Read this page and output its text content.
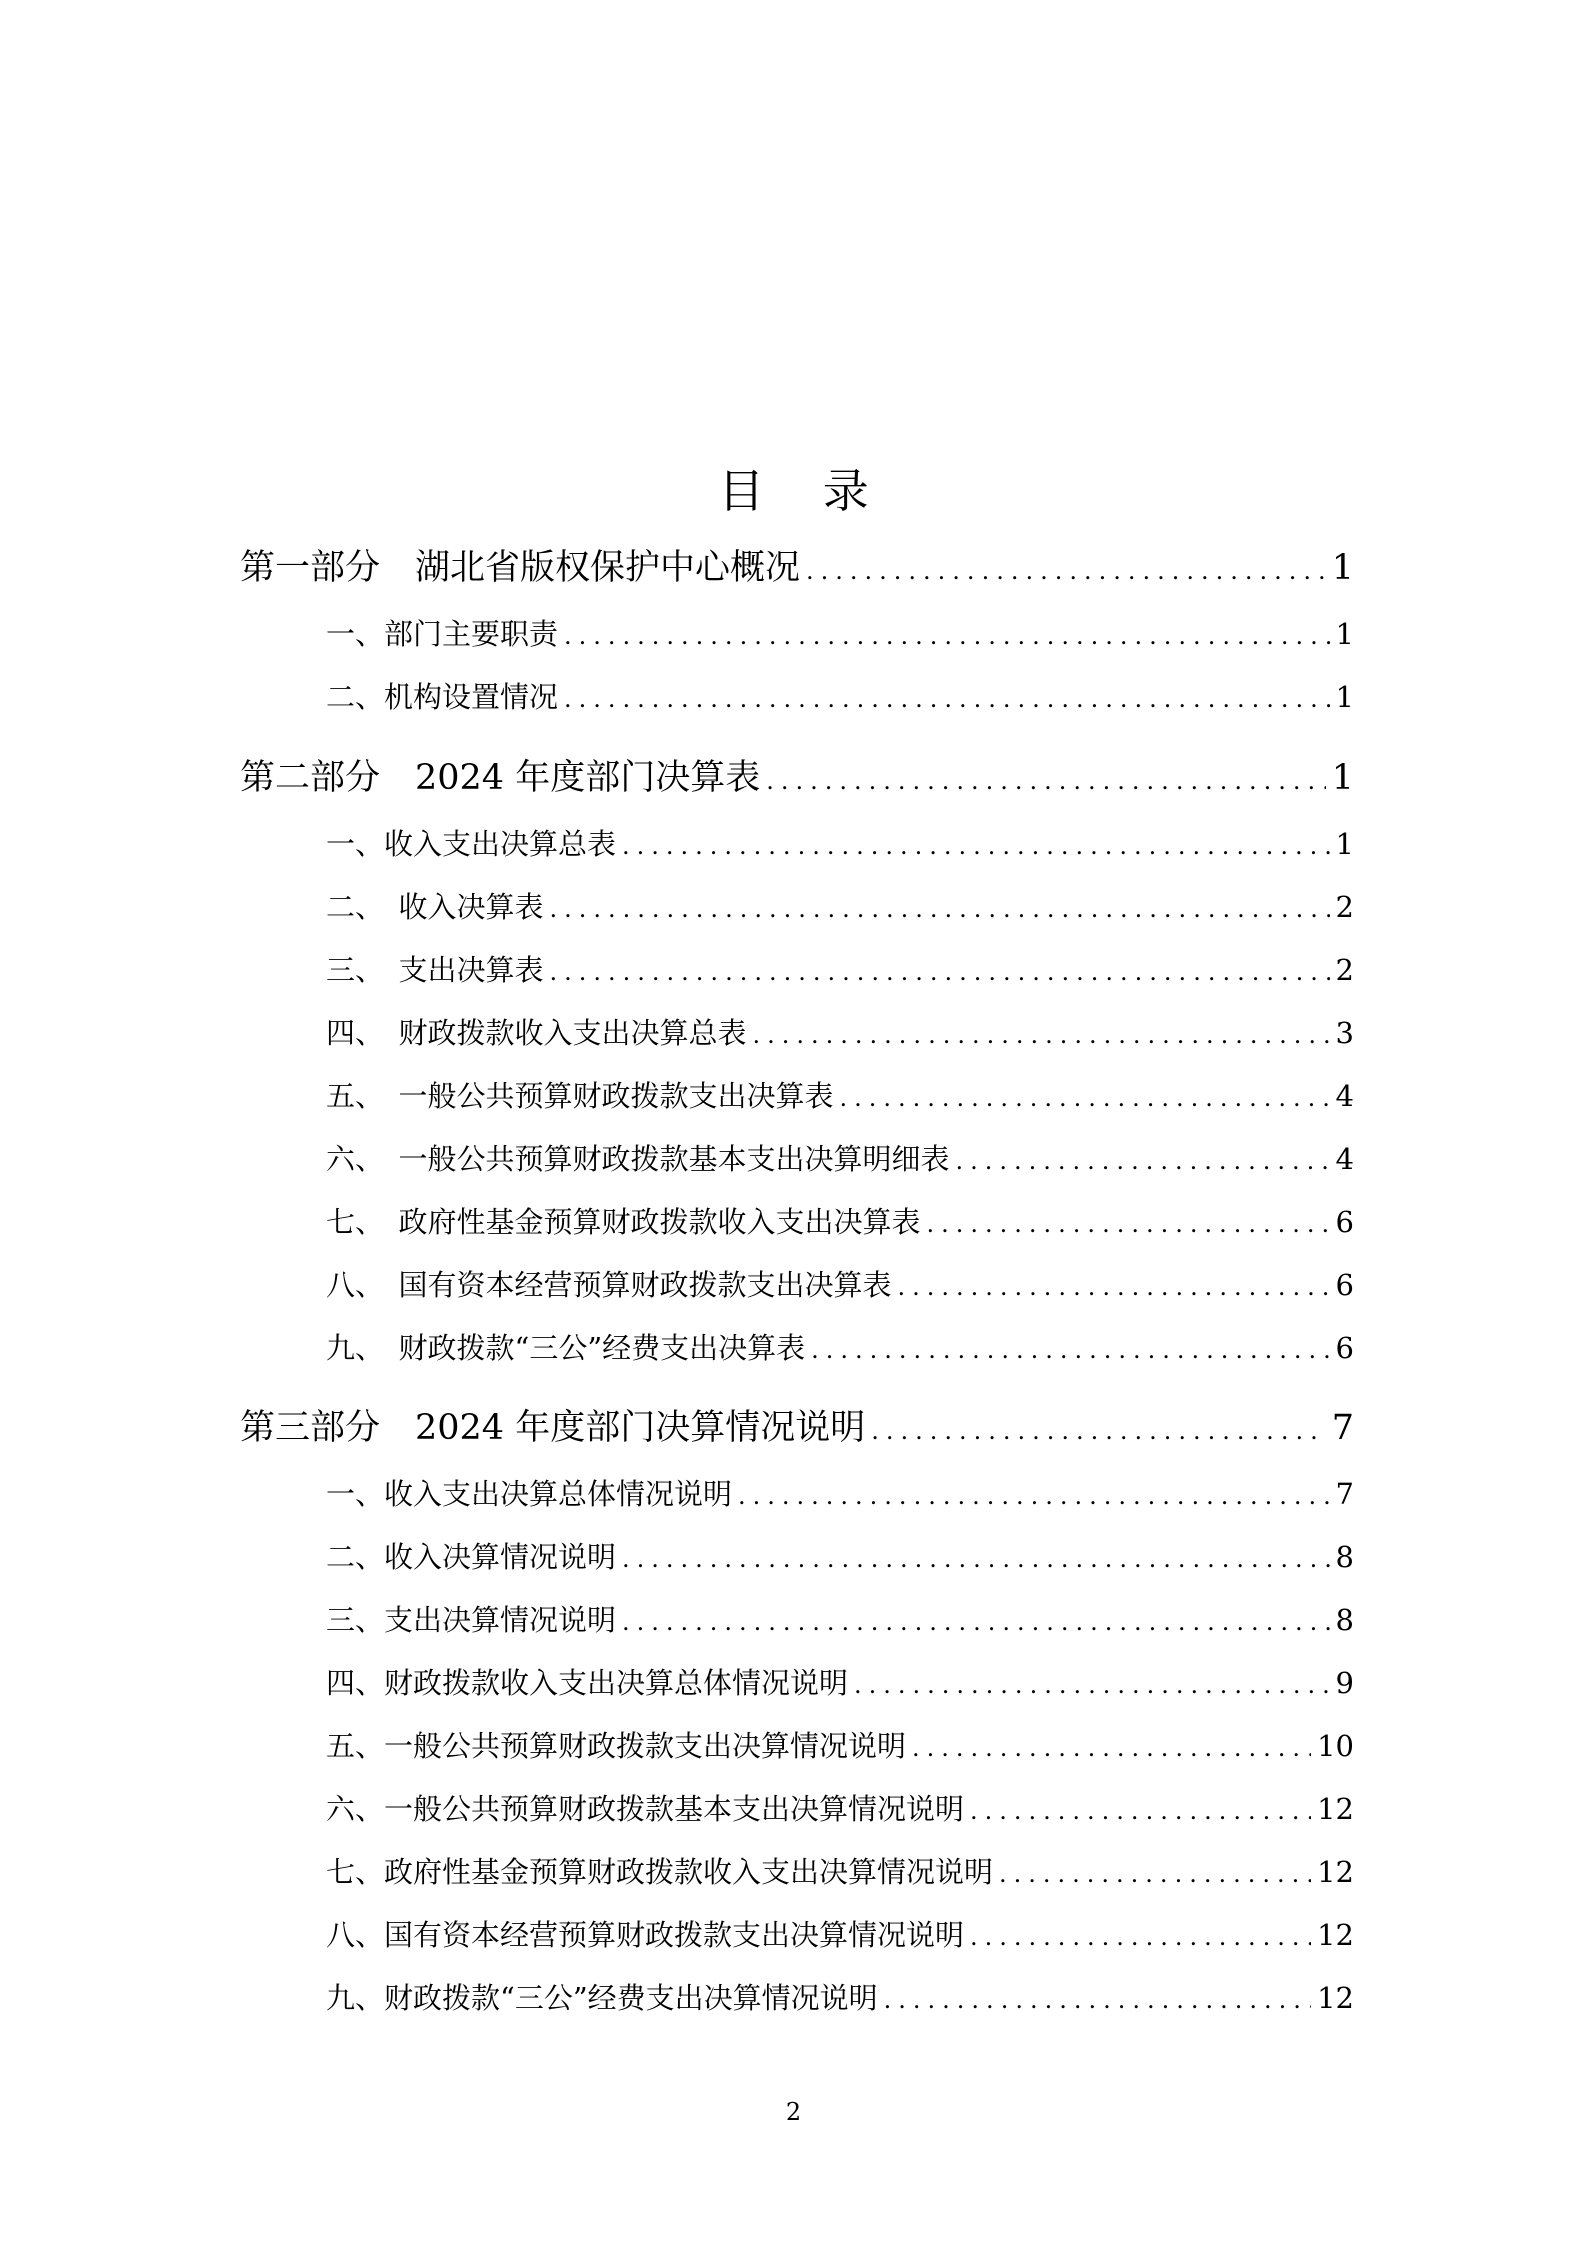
目    录
第一部分　湖北省版权保护中心概况 .....	1
一、部门主要职责 .....	1
二、机构设置情况 .....	1
第二部分　2024 年度部门决算表 .....	1
一、收入支出决算总表 .....	1
二、　收入决算表 .....	2
三、　支出决算表 .....	2
四、　财政拨款收入支出决算总表 .....	3
五、　一般公共预算财政拨款支出决算表 .....	4
六、　一般公共预算财政拨款基本支出决算明细表 .....	4
七、　政府性基金预算财政拨款收入支出决算表 .....	6
八、　国有资本经营预算财政拨款支出决算表 .....	6
九、　财政拨款“三公”经费支出决算表 .....	6
第三部分　2024 年度部门决算情况说明 .....	7
一、收入支出决算总体情况说明 .....	7
二、收入决算情况说明 .....	8
三、支出决算情况说明 .....	8
四、财政拨款收入支出决算总体情况说明 .....	9
五、一般公共预算财政拨款支出决算情况说明 .....	10
六、一般公共预算财政拨款基本支出决算情况说明 .....	12
七、政府性基金预算财政拨款收入支出决算情况说明 .....	12
八、国有资本经营预算财政拨款支出决算情况说明 .....	12
九、财政拨款“三公”经费支出决算情况说明 .....	12
2
